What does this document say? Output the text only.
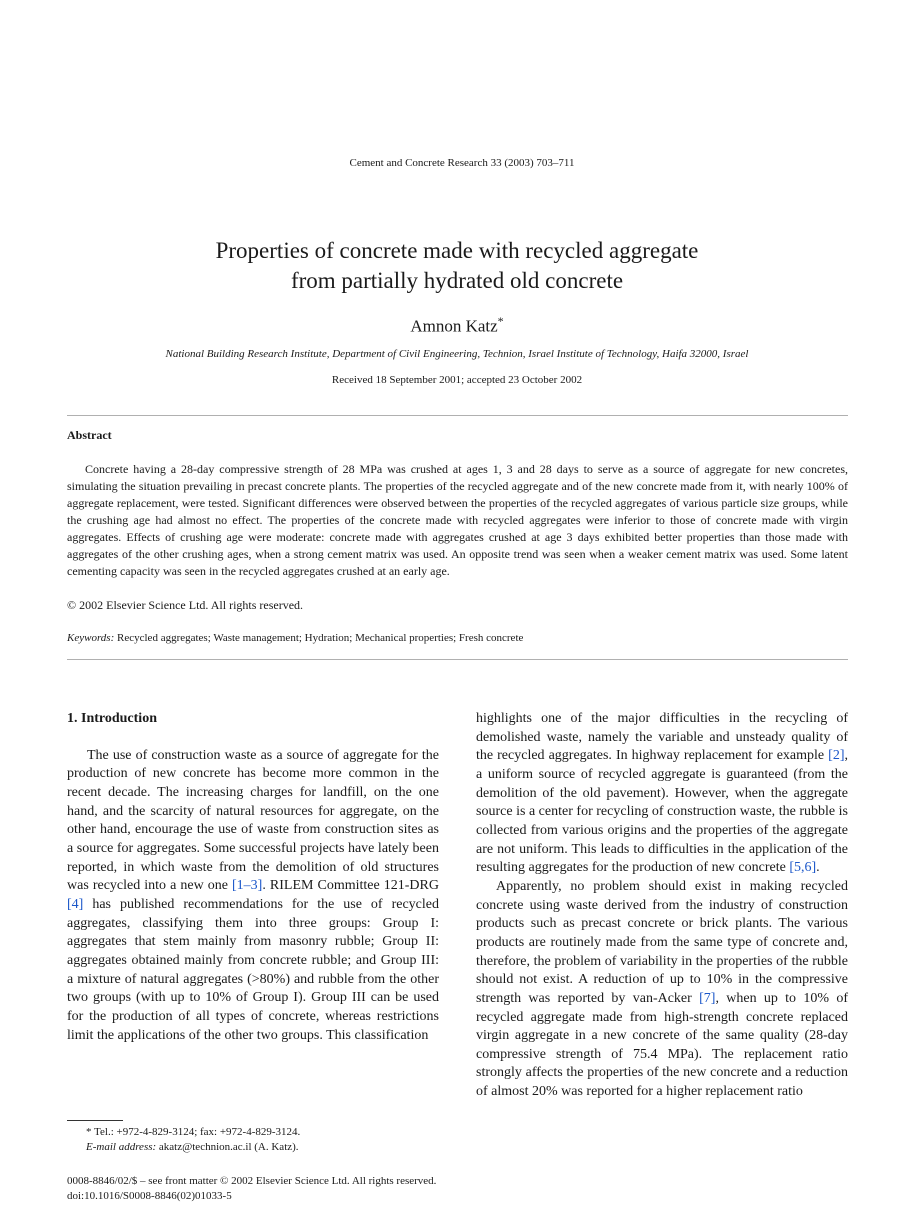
Cement and Concrete Research 33 (2003) 703–711
Properties of concrete made with recycled aggregate
from partially hydrated old concrete
Amnon Katz*
National Building Research Institute, Department of Civil Engineering, Technion, Israel Institute of Technology, Haifa 32000, Israel
Received 18 September 2001; accepted 23 October 2002
Abstract

Concrete having a 28-day compressive strength of 28 MPa was crushed at ages 1, 3 and 28 days to serve as a source of aggregate for new concretes, simulating the situation prevailing in precast concrete plants. The properties of the recycled aggregate and of the new concrete made from it, with nearly 100% of aggregate replacement, were tested. Significant differences were observed between the properties of the recycled aggregates of various particle size groups, while the crushing age had almost no effect. The properties of the concrete made with recycled aggregates were inferior to those of concrete made with virgin aggregates. Effects of crushing age were moderate: concrete made with aggregates crushed at age 3 days exhibited better properties than those made with aggregates of the other crushing ages, when a strong cement matrix was used. An opposite trend was seen when a weaker cement matrix was used. Some latent cementing capacity was seen in the recycled aggregates crushed at an early age.

© 2002 Elsevier Science Ltd. All rights reserved.
Keywords: Recycled aggregates; Waste management; Hydration; Mechanical properties; Fresh concrete

1. Introduction

The use of construction waste as a source of aggregate for the production of new concrete has become more common in the recent decade. The increasing charges for landfill, on the one hand, and the scarcity of natural resources for aggregate, on the other hand, encourage the use of waste from construction sites as a source for aggregates. Some successful projects have lately been reported, in which waste from the demolition of old structures was recycled into a new one [1–3]. RILEM Committee 121-DRG [4] has published recommendations for the use of recycled aggregates, classifying them into three groups: Group I: aggregates that stem mainly from masonry rubble; Group II: aggregates obtained mainly from concrete rubble; and Group III: a mixture of natural aggregates (>80%) and rubble from the other two groups (with up to 10% of Group I). Group III can be used for the production of all types of concrete, whereas restrictions limit the applications of the other two groups. This classification

highlights one of the major difficulties in the recycling of demolished waste, namely the variable and unsteady quality of the recycled aggregates. In highway replacement for example [2], a uniform source of recycled aggregate is guaranteed (from the demolition of the old pavement). However, when the aggregate source is a center for recycling of construction waste, the rubble is collected from various origins and the properties of the aggregate are not uniform. This leads to difficulties in the application of the resulting aggregates for the production of new concrete [5,6].

Apparently, no problem should exist in making recycled concrete using waste derived from the industry of construction products such as precast concrete or brick plants. The various products are routinely made from the same type of concrete and, therefore, the problem of variability in the properties of the rubble should not exist. A reduction of up to 10% in the compressive strength was reported by van-Acker [7], when up to 10% of recycled aggregate made from high-strength concrete replaced virgin aggregate in a new concrete of the same quality (28-day compressive strength of 75.4 MPa). The replacement ratio strongly affects the properties of the new concrete and a reduction of almost 20% was reported for a higher replacement ratio

* Tel.: +972-4-829-3124; fax: +972-4-829-3124.
E-mail address: akatz@technion.ac.il (A. Katz).
0008-8846/02/$ – see front matter © 2002 Elsevier Science Ltd. All rights reserved.
doi:10.1016/S0008-8846(02)01033-5
